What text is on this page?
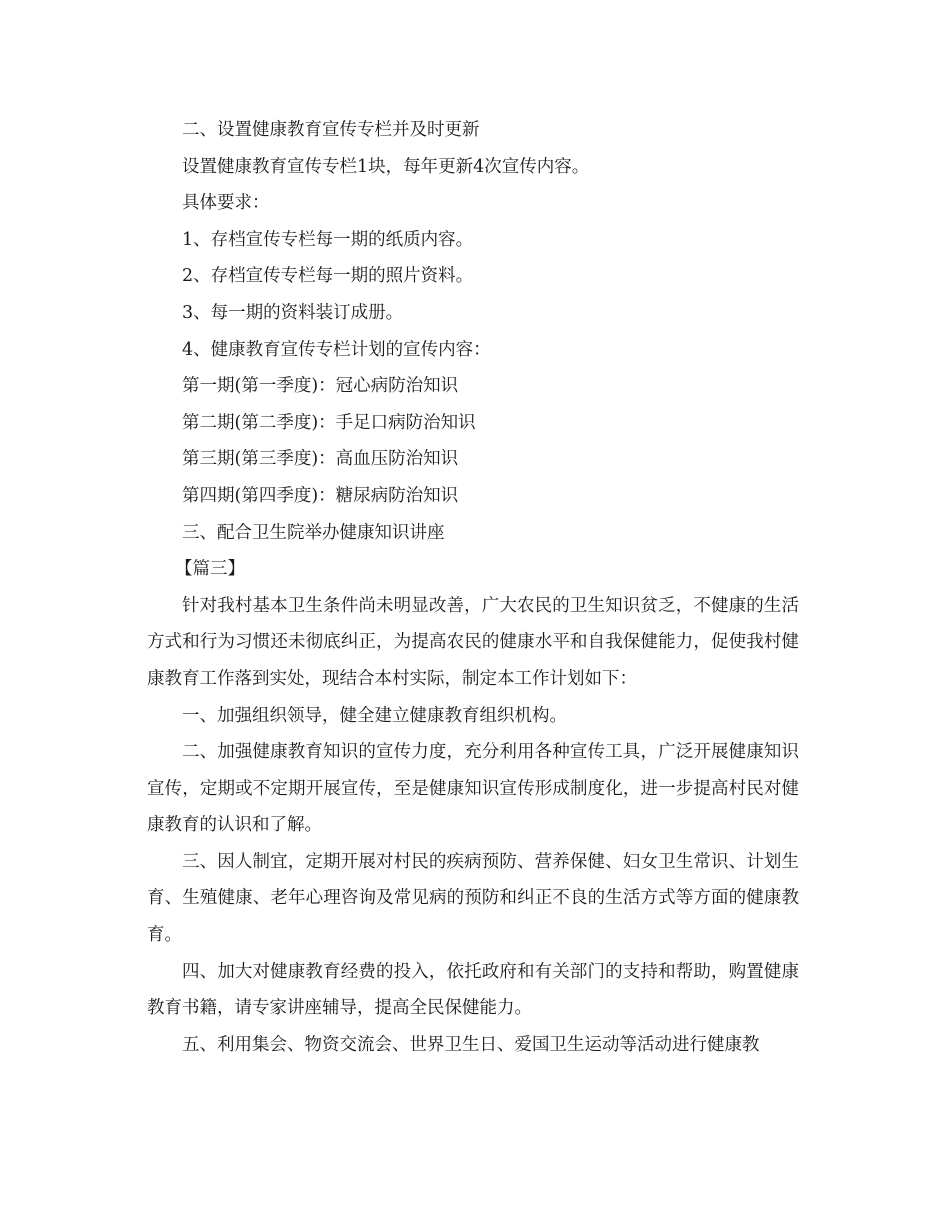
二、设置健康教育宣传专栏并及时更新

设置健康教育宣传专栏1块，每年更新4次宣传内容。

具体要求：

1、存档宣传专栏每一期的纸质内容。

2、存档宣传专栏每一期的照片资料。

3、每一期的资料装订成册。

4、健康教育宣传专栏计划的宣传内容：

第一期(第一季度)：冠心病防治知识

第二期(第二季度)：手足口病防治知识

第三期(第三季度)：高血压防治知识

第四期(第四季度)：糖尿病防治知识

三、配合卫生院举办健康知识讲座

【篇三】

针对我村基本卫生条件尚未明显改善，广大农民的卫生知识贫乏，不健康的生活方式和行为习惯还未彻底纠正，为提高农民的健康水平和自我保健能力，促使我村健康教育工作落到实处，现结合本村实际，制定本工作计划如下：

一、加强组织领导，健全建立健康教育组织机构。

二、加强健康教育知识的宣传力度，充分利用各种宣传工具，广泛开展健康知识宣传，定期或不定期开展宣传，至是健康知识宣传形成制度化，进一步提高村民对健康教育的认识和了解。

三、因人制宜，定期开展对村民的疾病预防、营养保健、妇女卫生常识、计划生育、生殖健康、老年心理咨询及常见病的预防和纠正不良的生活方式等方面的健康教育。

四、加大对健康教育经费的投入，依托政府和有关部门的支持和帮助，购置健康教育书籍，请专家讲座辅导，提高全民保健能力。

五、利用集会、物资交流会、世界卫生日、爱国卫生运动等活动进行健康教
